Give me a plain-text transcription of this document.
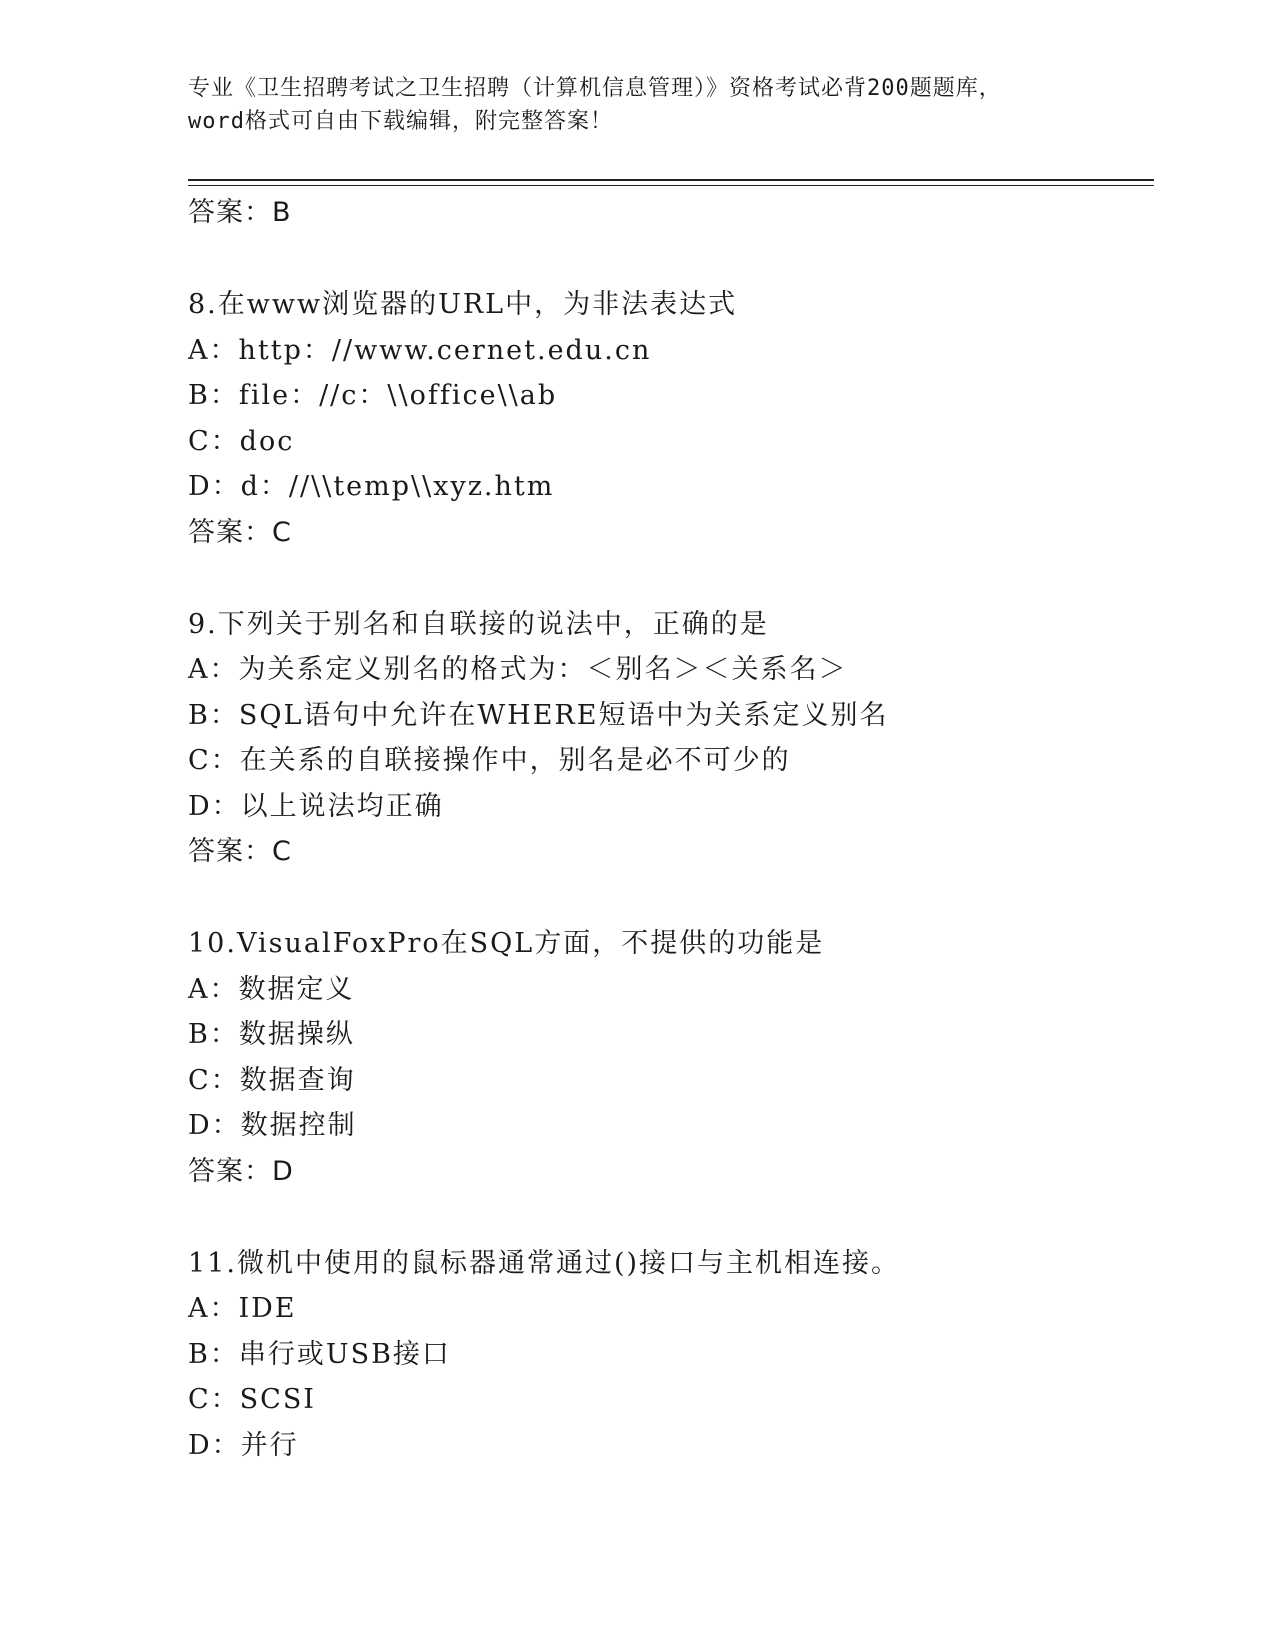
专业《卫生招聘考试之卫生招聘（计算机信息管理）》资格考试必背200题题库，
word格式可自由下载编辑，附完整答案！
答案：B
8.在www浏览器的URL中，为非法表达式
A：http：//www.cernet.edu.cn
B：file：//c：\\office\\ab
C：doc
D：d：//\\temp\\xyz.htm
答案：C
9.下列关于别名和自联接的说法中，正确的是
A：为关系定义别名的格式为：＜别名＞＜关系名＞
B：SQL语句中允许在WHERE短语中为关系定义别名
C：在关系的自联接操作中，别名是必不可少的
D：以上说法均正确
答案：C
10.VisualFoxPro在SQL方面，不提供的功能是
A：数据定义
B：数据操纵
C：数据查询
D：数据控制
答案：D
11.微机中使用的鼠标器通常通过()接口与主机相连接。
A：IDE
B：串行或USB接口
C：SCSI
D：并行
